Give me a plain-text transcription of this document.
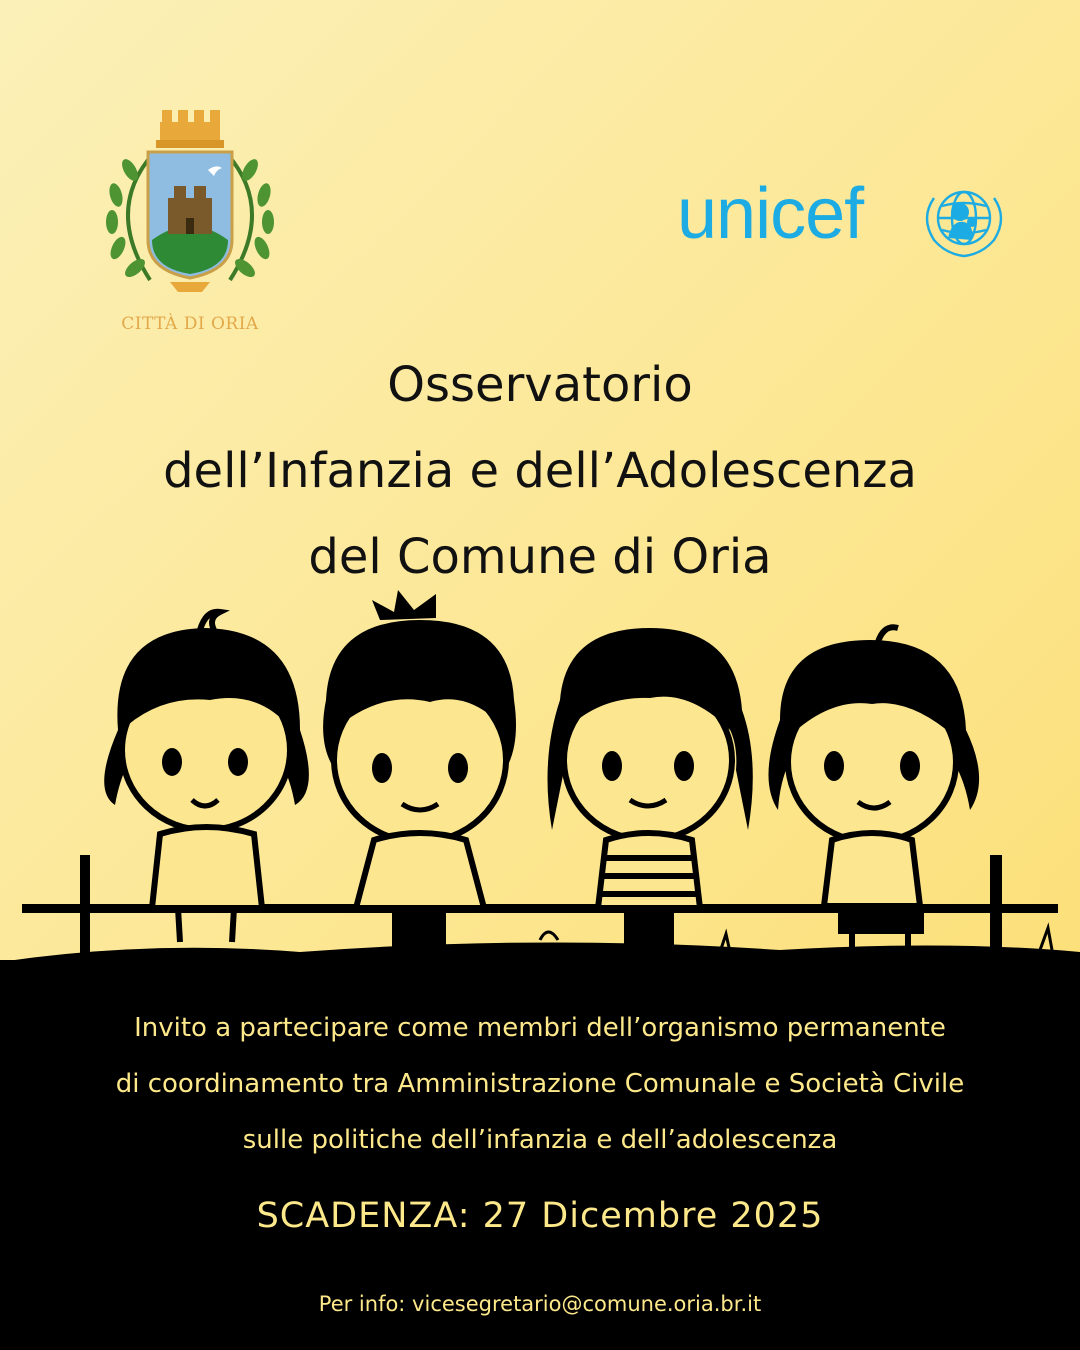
CITTÀ DI ORIA
unicef
Osservatorio
dell’Infanzia e dell’Adolescenza
del Comune di Oria
Invito a partecipare come membri dell’organismo permanente
di coordinamento tra Amministrazione Comunale e Società Civile
sulle politiche dell’infanzia e dell’adolescenza
SCADENZA: 27 Dicembre 2025
Per info: vicesegretario@comune.oria.br.it
